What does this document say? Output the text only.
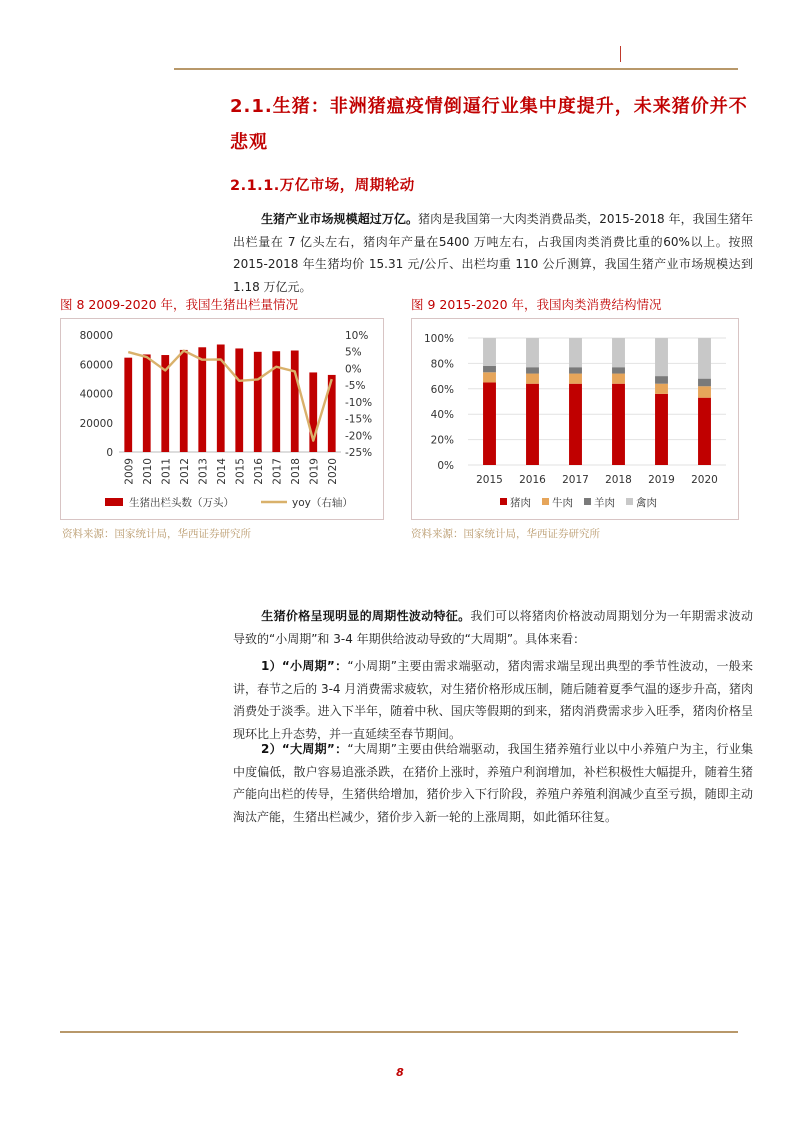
2.1.生猪：非洲猪瘟疫情倒逼行业集中度提升，未来猪价并不
悲观
2.1.1.万亿市场，周期轮动
生猪产业市场规模超过万亿。猪肉是我国第一大肉类消费品类，2015-2018 年，我国生猪年出栏量在 7 亿头左右，猪肉年产量在5400 万吨左右，占我国肉类消费比重的60%以上。按照 2015-2018 年生猪均价 15.31 元/公斤、出栏均重 110 公斤测算，我国生猪产业市场规模达到 1.18 万亿元。
图 8 2009-2020 年，我国生猪出栏量情况
80000
60000
40000
20000
0
10%
5%
0%
-5%
-10%
-15%
-20%
-25%
2009 2010 2011 2012 2013 2014 2015 2016 2017 2018 2019 2020
生猪出栏头数（万头）	yoy（右轴）
资料来源：国家统计局，华西证券研究所
图 9 2015-2020 年，我国肉类消费结构情况
100%
80%
60%
40%
20%
0%
2015 2016 2017 2018 2019 2020
猪肉 牛肉 羊肉 禽肉
资料来源：国家统计局，华西证券研究所
生猪价格呈现明显的周期性波动特征。我们可以将猪肉价格波动周期划分为一年期需求波动导致的“小周期”和 3-4 年期供给波动导致的“大周期”。具体来看：
1）“小周期”：“小周期”主要由需求端驱动，猪肉需求端呈现出典型的季节性波动，一般来讲，春节之后的 3-4 月消费需求疲软，对生猪价格形成压制，随后随着夏季气温的逐步升高，猪肉消费处于淡季。进入下半年，随着中秋、国庆等假期的到来，猪肉消费需求步入旺季，猪肉价格呈现环比上升态势，并一直延续至春节期间。
2）“大周期”：“大周期”主要由供给端驱动，我国生猪养殖行业以中小养殖户为主，行业集中度偏低，散户容易追涨杀跌，在猪价上涨时，养殖户利润增加，补栏积极性大幅提升，随着生猪产能向出栏的传导，生猪供给增加，猪价步入下行阶段，养殖户养殖利润减少直至亏损，随即主动淘汰产能，生猪出栏减少，猪价步入新一轮的上涨周期，如此循环往复。
8
